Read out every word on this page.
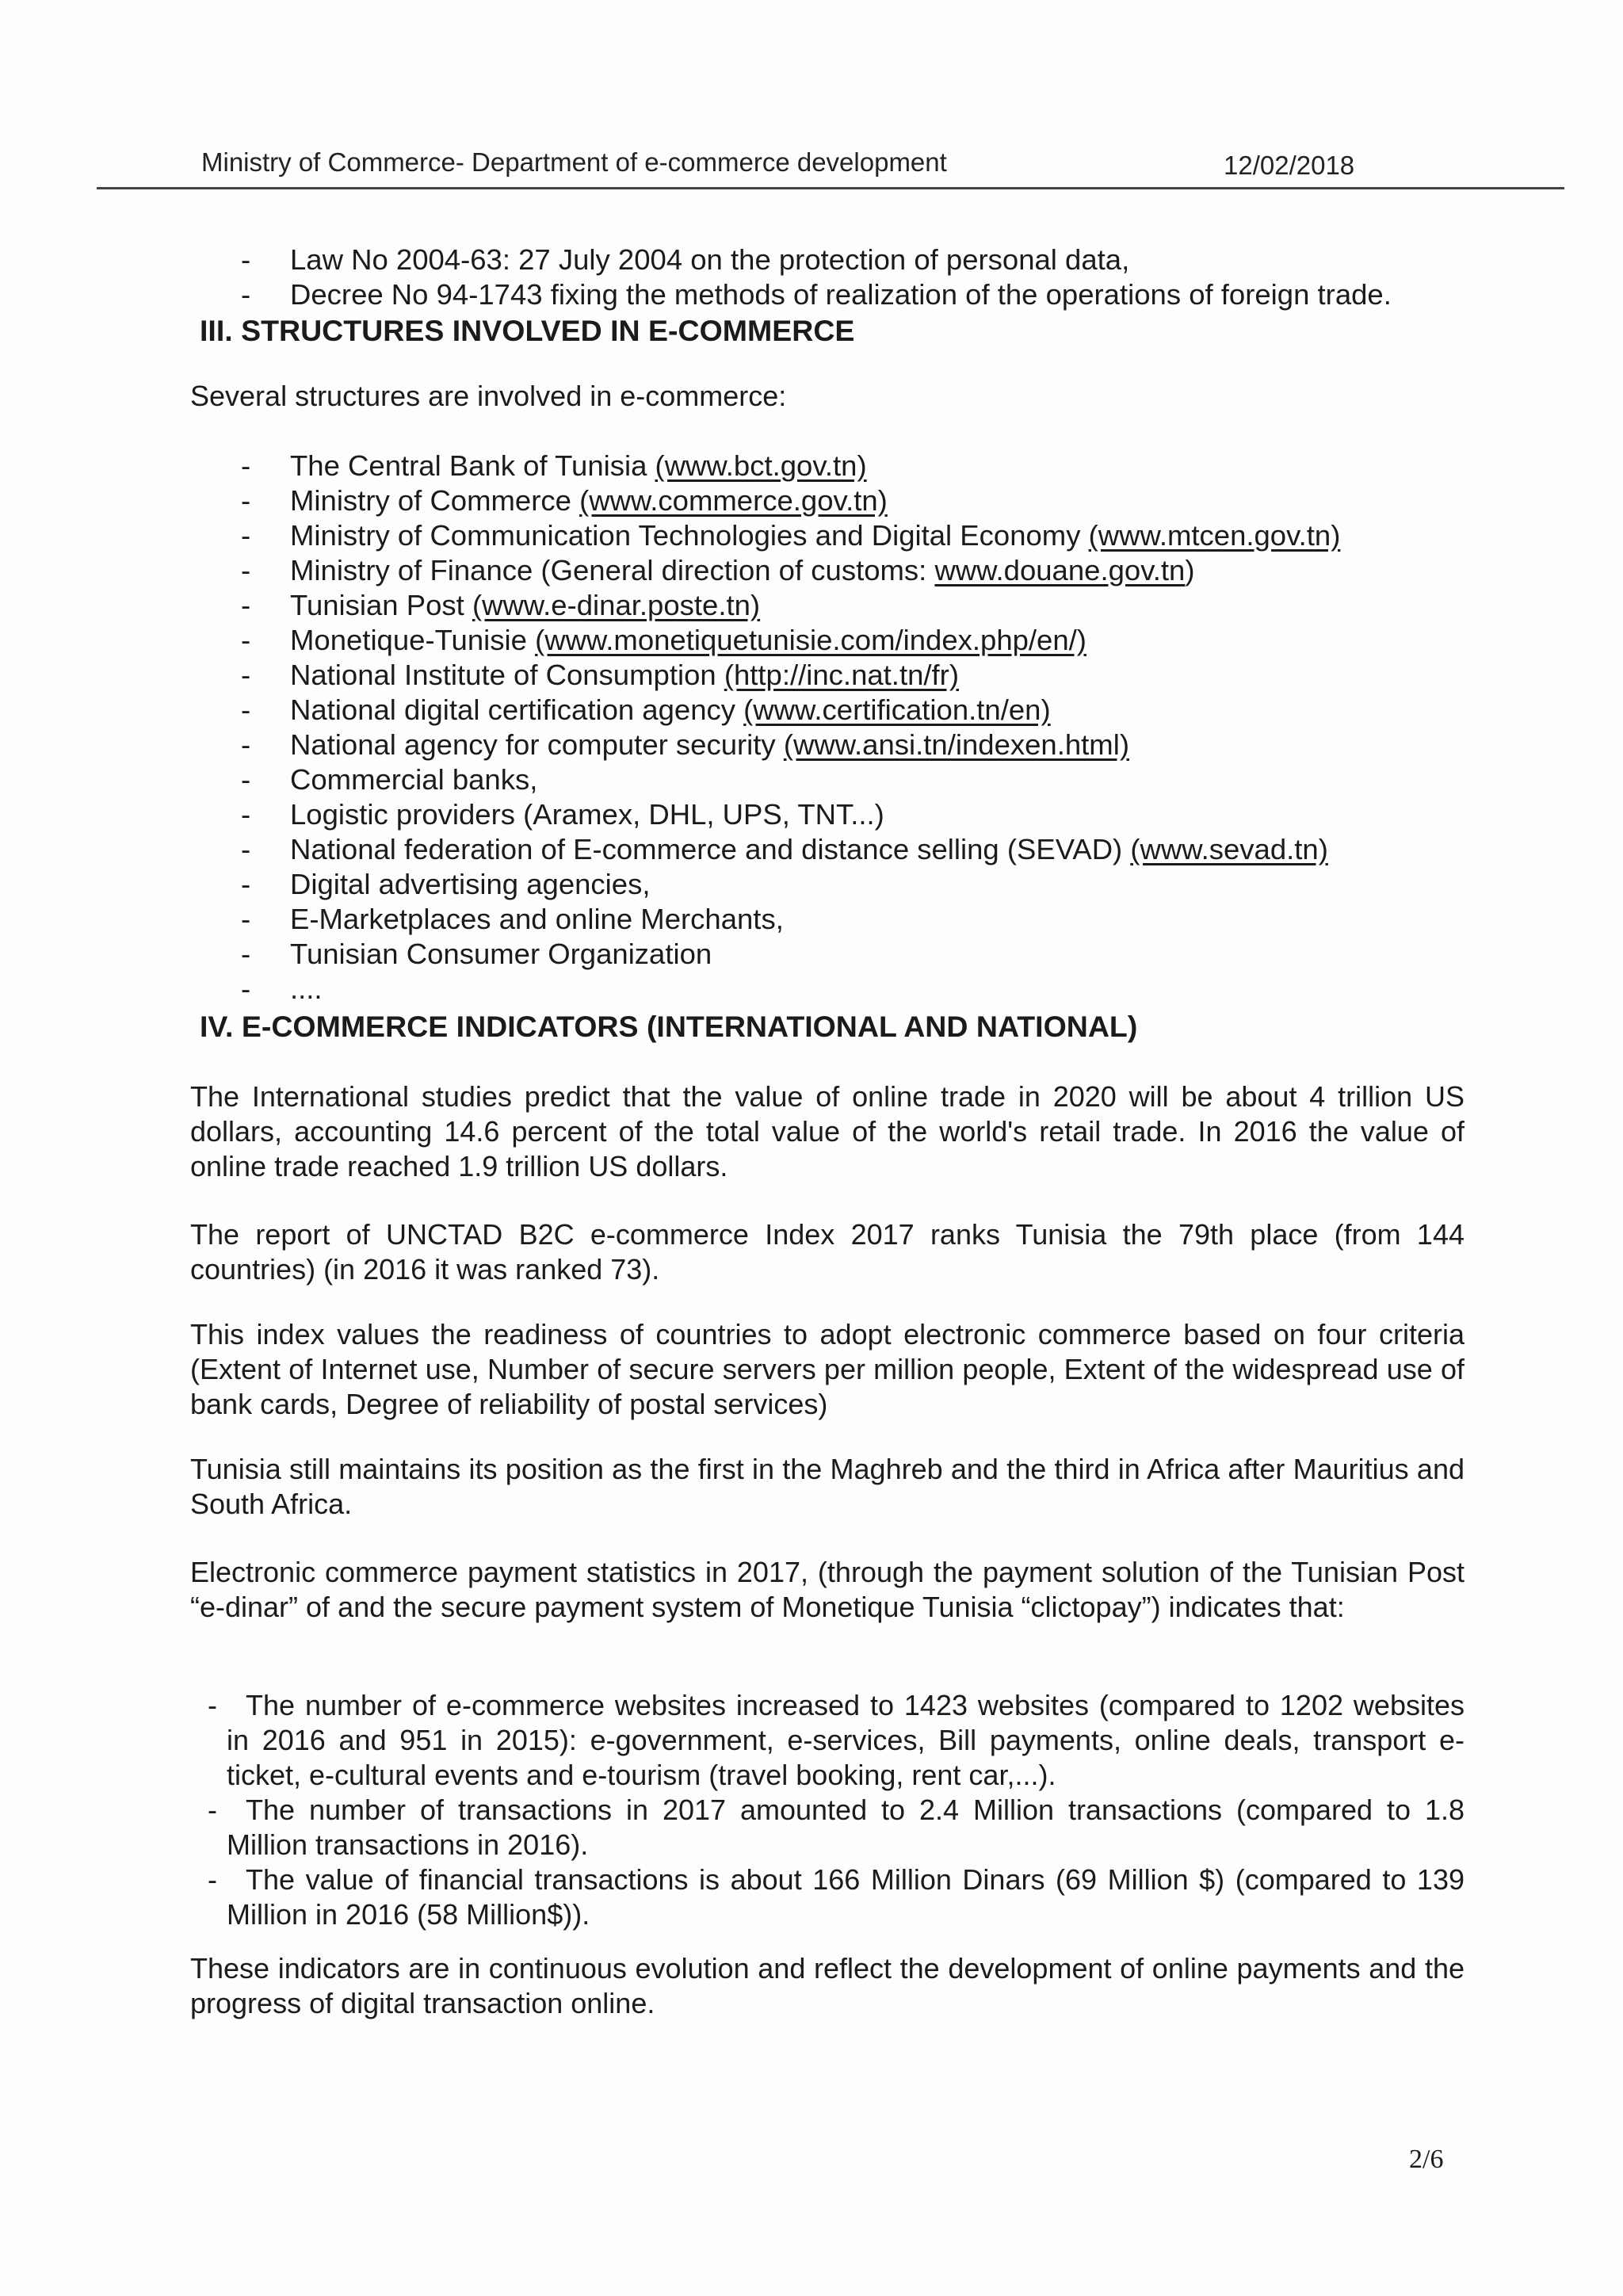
Ministry of Commerce- Department of e-commerce development	12/02/2018
- Law No 2004-63: 27 July 2004 on the protection of personal data,
- Decree No 94-1743 fixing the methods of realization of the operations of foreign trade.
III. STRUCTURES INVOLVED IN E-COMMERCE
Several structures are involved in e-commerce:
- The Central Bank of Tunisia (www.bct.gov.tn)
- Ministry of Commerce (www.commerce.gov.tn)
- Ministry of Communication Technologies and Digital Economy (www.mtcen.gov.tn)
- Ministry of Finance (General direction of customs: www.douane.gov.tn)
- Tunisian Post (www.e-dinar.poste.tn)
- Monetique-Tunisie (www.monetiquetunisie.com/index.php/en/)
- National Institute of Consumption (http://inc.nat.tn/fr)
- National digital certification agency (www.certification.tn/en)
- National agency for computer security (www.ansi.tn/indexen.html)
- Commercial banks,
- Logistic providers (Aramex, DHL, UPS, TNT...)
- National federation of E-commerce and distance selling (SEVAD) (www.sevad.tn)
- Digital advertising agencies,
- E-Marketplaces and online Merchants,
- Tunisian Consumer Organization
- ....
IV. E-COMMERCE INDICATORS (INTERNATIONAL AND NATIONAL)
The International studies predict that the value of online trade in 2020 will be about 4 trillion US dollars, accounting 14.6 percent of the total value of the world's retail trade. In 2016 the value of online trade reached 1.9 trillion US dollars.
The report of UNCTAD B2C e-commerce Index 2017 ranks Tunisia the 79th place (from 144 countries) (in 2016 it was ranked 73).
This index values the readiness of countries to adopt electronic commerce based on four criteria (Extent of Internet use, Number of secure servers per million people, Extent of the widespread use of bank cards, Degree of reliability of postal services)
Tunisia still maintains its position as the first in the Maghreb and the third in Africa after Mauritius and South Africa.
Electronic commerce payment statistics in 2017, (through the payment solution of the Tunisian Post “e-dinar” of and the secure payment system of Monetique Tunisia “clictopay”) indicates that:
- The number of e-commerce websites increased to 1423 websites (compared to 1202 websites in 2016 and 951 in 2015): e-government, e-services, Bill payments, online deals, transport e-ticket, e-cultural events and e-tourism (travel booking, rent car,...).
- The number of transactions in 2017 amounted to 2.4 Million transactions (compared to 1.8 Million transactions in 2016).
- The value of financial transactions is about 166 Million Dinars (69 Million $) (compared to 139 Million in 2016 (58 Million$)).
These indicators are in continuous evolution and reflect the development of online payments and the progress of digital transaction online.
2/6
